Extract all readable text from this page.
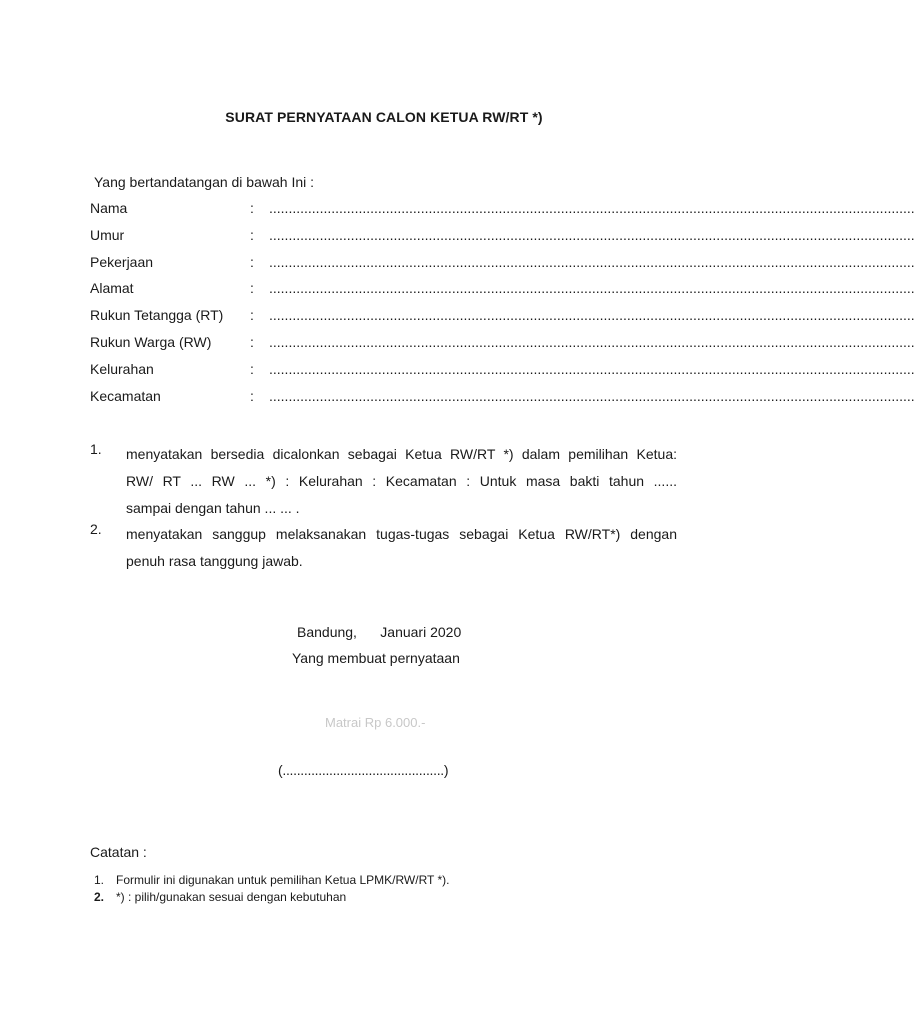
SURAT PERNYATAAN CALON KETUA RW/RT *)
Yang bertandatangan di bawah Ini :
Nama	: ......................................................................................................................................................................
Umur	: ......................................................................................................................................................................
Pekerjaan	: ......................................................................................................................................................................
Alamat	: ......................................................................................................................................................................
Rukun Tetangga (RT) : ......................................................................................................................................................................
Rukun Warga (RW)	: ......................................................................................................................................................................
Kelurahan	: ......................................................................................................................................................................
Kecamatan	: ......................................................................................................................................................................
1. menyatakan bersedia dicalonkan sebagai Ketua RW/RT *) dalam pemilihan Ketua:
RW/ RT ... RW ... *) : Kelurahan : Kecamatan : Untuk masa bakti tahun ......
sampai dengan tahun ... ... .
2. menyatakan sanggup melaksanakan tugas-tugas sebagai Ketua RW/RT*) dengan
penuh rasa tanggung jawab.
Bandung,      Januari 2020
Yang membuat pernyataan
Matrai Rp 6.000.-
(.............................................)
Catatan :
1. Formulir ini digunakan untuk pemilihan Ketua LPMK/RW/RT *).
2. *) : pilih/gunakan sesuai dengan kebutuhan
